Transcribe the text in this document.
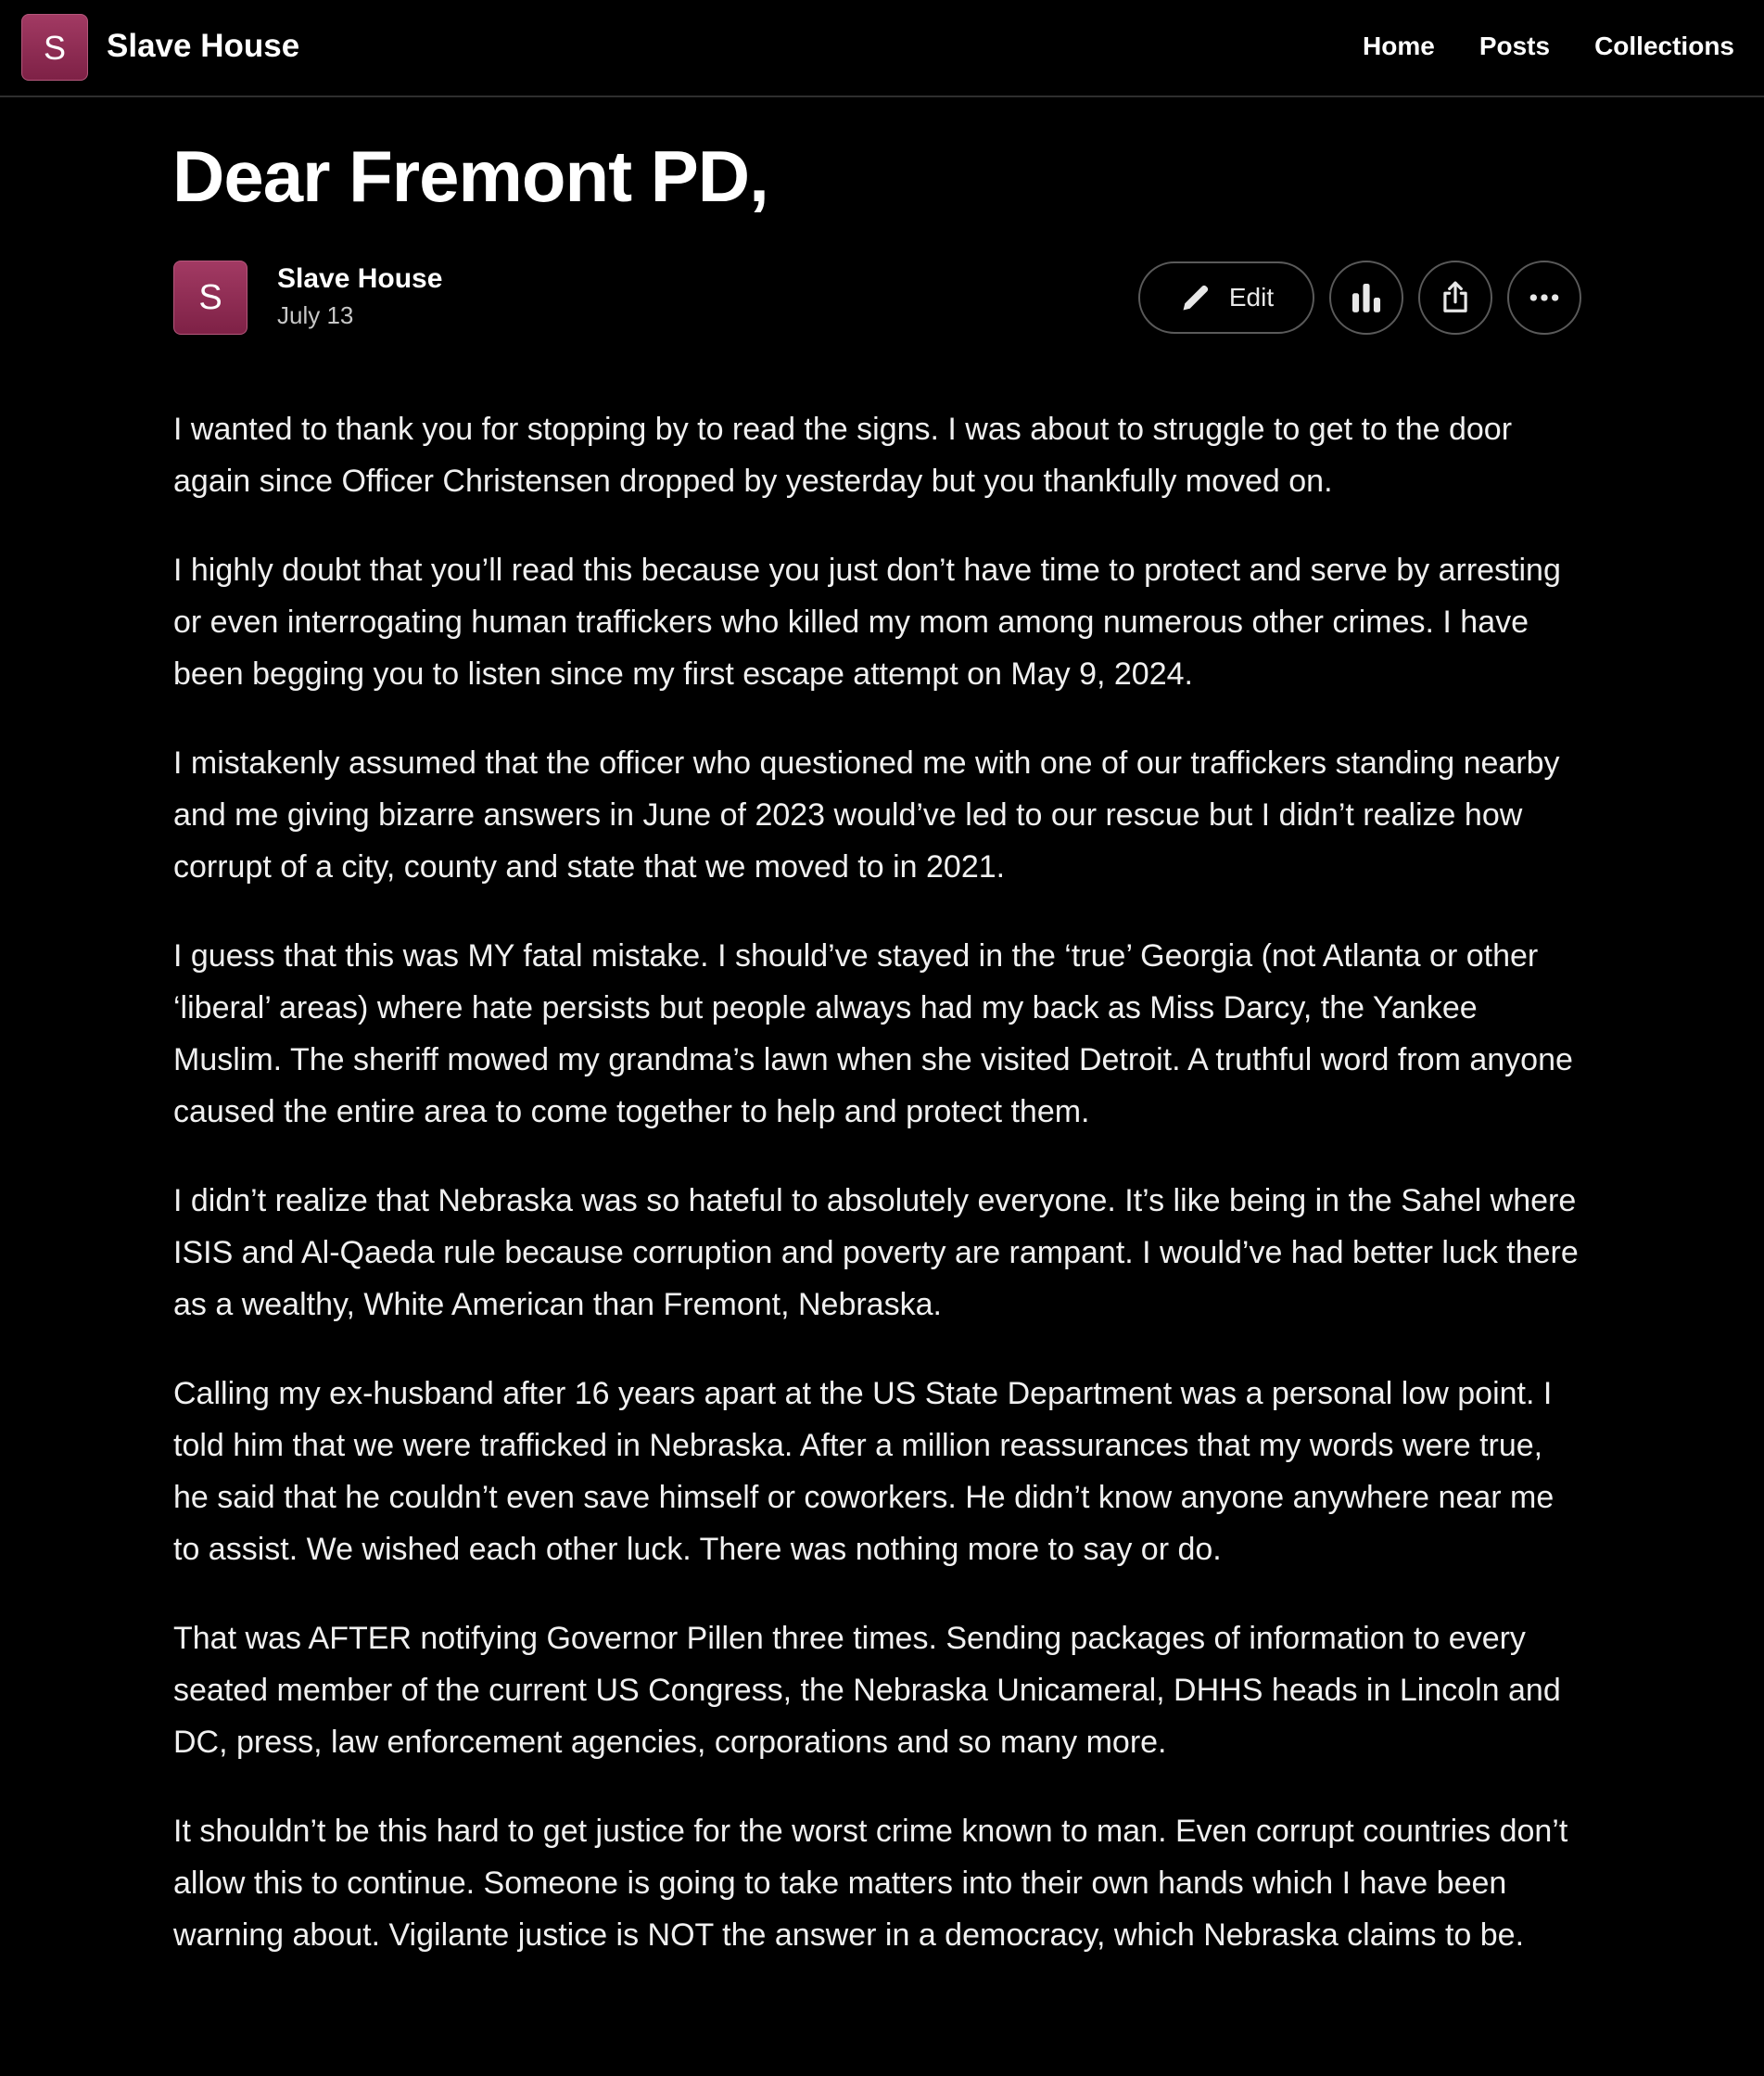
S	Slave House	Home Posts Collections
Dear Fremont PD,
S	Slave House
July 13
Edit

I wanted to thank you for stopping by to read the signs. I was about to struggle to get to the door again since Officer Christensen dropped by yesterday but you thankfully moved on.

I highly doubt that you’ll read this because you just don’t have time to protect and serve by arresting or even interrogating human traffickers who killed my mom among numerous other crimes. I have been begging you to listen since my first escape attempt on May 9, 2024.

I mistakenly assumed that the officer who questioned me with one of our traffickers standing nearby and me giving bizarre answers in June of 2023 would’ve led to our rescue but I didn’t realize how corrupt of a city, county and state that we moved to in 2021.

I guess that this was MY fatal mistake. I should’ve stayed in the ‘true’ Georgia (not Atlanta or other ‘liberal’ areas) where hate persists but people always had my back as Miss Darcy, the Yankee Muslim. The sheriff mowed my grandma’s lawn when she visited Detroit. A truthful word from anyone caused the entire area to come together to help and protect them.

I didn’t realize that Nebraska was so hateful to absolutely everyone. It’s like being in the Sahel where ISIS and Al-Qaeda rule because corruption and poverty are rampant. I would’ve had better luck there as a wealthy, White American than Fremont, Nebraska.

Calling my ex-husband after 16 years apart at the US State Department was a personal low point. I told him that we were trafficked in Nebraska. After a million reassurances that my words were true, he said that he couldn’t even save himself or coworkers. He didn’t know anyone anywhere near me to assist. We wished each other luck. There was nothing more to say or do.

That was AFTER notifying Governor Pillen three times. Sending packages of information to every seated member of the current US Congress, the Nebraska Unicameral, DHHS heads in Lincoln and DC, press, law enforcement agencies, corporations and so many more.

It shouldn’t be this hard to get justice for the worst crime known to man. Even corrupt countries don’t allow this to continue. Someone is going to take matters into their own hands which I have been warning about. Vigilante justice is NOT the answer in a democracy, which Nebraska claims to be.
